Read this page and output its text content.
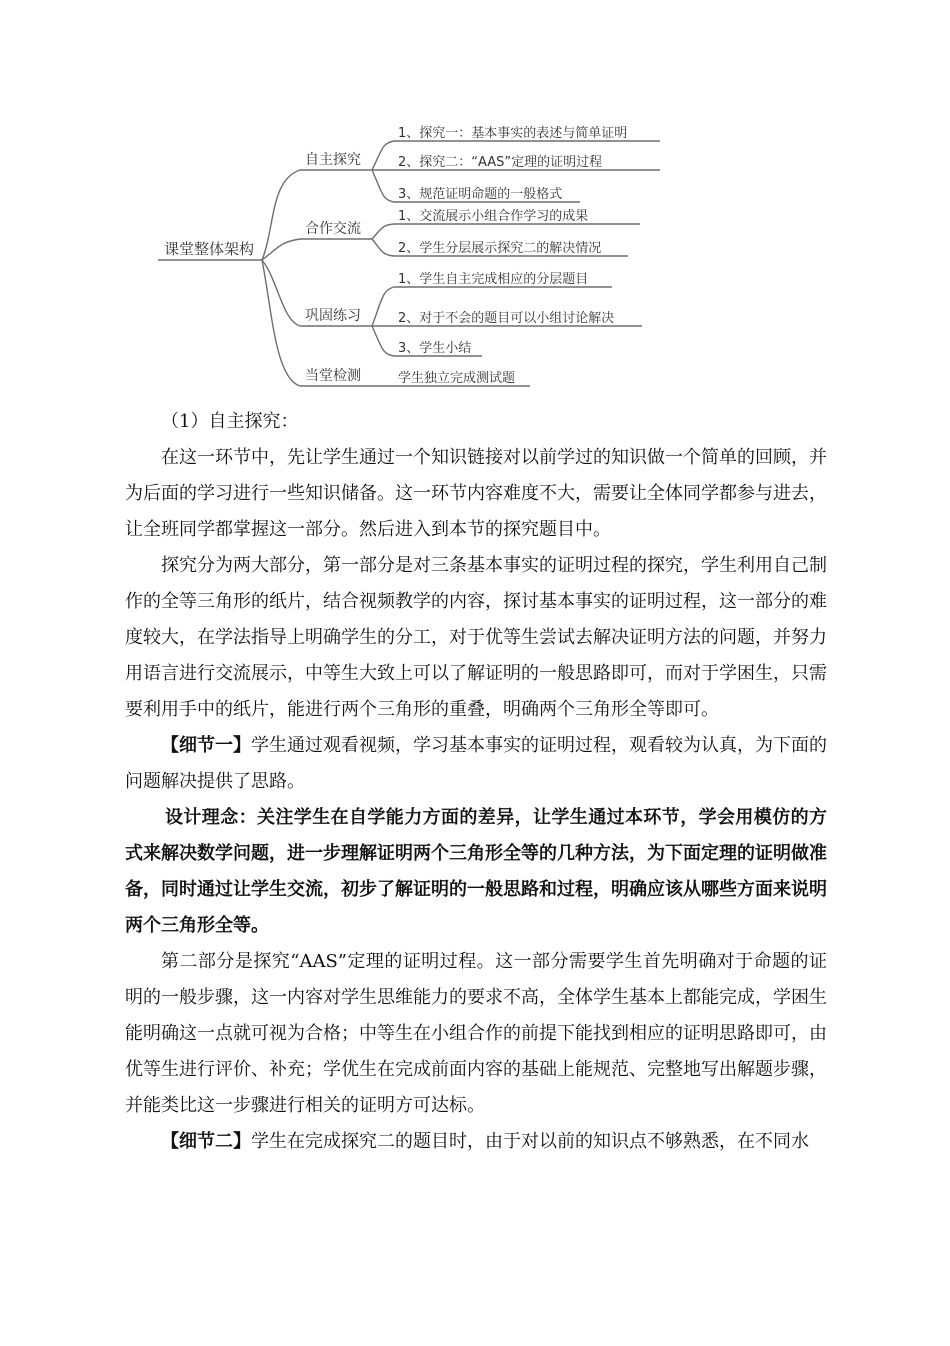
课堂整体架构
自主探究
合作交流
巩固练习
当堂检测
1、探究一：基本事实的表述与简单证明
2、探究二：“AAS”定理的证明过程
3、规范证明命题的一般格式
1、交流展示小组合作学习的成果
2、学生分层展示探究二的解决情况
1、学生自主完成相应的分层题目
2、对于不会的题目可以小组讨论解决
3、学生小结
学生独立完成测试题

（1）自主探究：

在这一环节中，先让学生通过一个知识链接对以前学过的知识做一个简单的回顾，并为后面的学习进行一些知识储备。这一环节内容难度不大，需要让全体同学都参与进去，让全班同学都掌握这一部分。然后进入到本节的探究题目中。

探究分为两大部分，第一部分是对三条基本事实的证明过程的探究，学生利用自己制作的全等三角形的纸片，结合视频教学的内容，探讨基本事实的证明过程，这一部分的难度较大，在学法指导上明确学生的分工，对于优等生尝试去解决证明方法的问题，并努力用语言进行交流展示，中等生大致上可以了解证明的一般思路即可，而对于学困生，只需要利用手中的纸片，能进行两个三角形的重叠，明确两个三角形全等即可。

【细节一】学生通过观看视频，学习基本事实的证明过程，观看较为认真，为下面的问题解决提供了思路。

设计理念：关注学生在自学能力方面的差异，让学生通过本环节，学会用模仿的方式来解决数学问题，进一步理解证明两个三角形全等的几种方法，为下面定理的证明做准备，同时通过让学生交流，初步了解证明的一般思路和过程，明确应该从哪些方面来说明两个三角形全等。

第二部分是探究“AAS”定理的证明过程。这一部分需要学生首先明确对于命题的证明的一般步骤，这一内容对学生思维能力的要求不高，全体学生基本上都能完成，学困生能明确这一点就可视为合格；中等生在小组合作的前提下能找到相应的证明思路即可，由优等生进行评价、补充；学优生在完成前面内容的基础上能规范、完整地写出解题步骤，并能类比这一步骤进行相关的证明方可达标。

【细节二】学生在完成探究二的题目时，由于对以前的知识点不够熟悉，在不同水
